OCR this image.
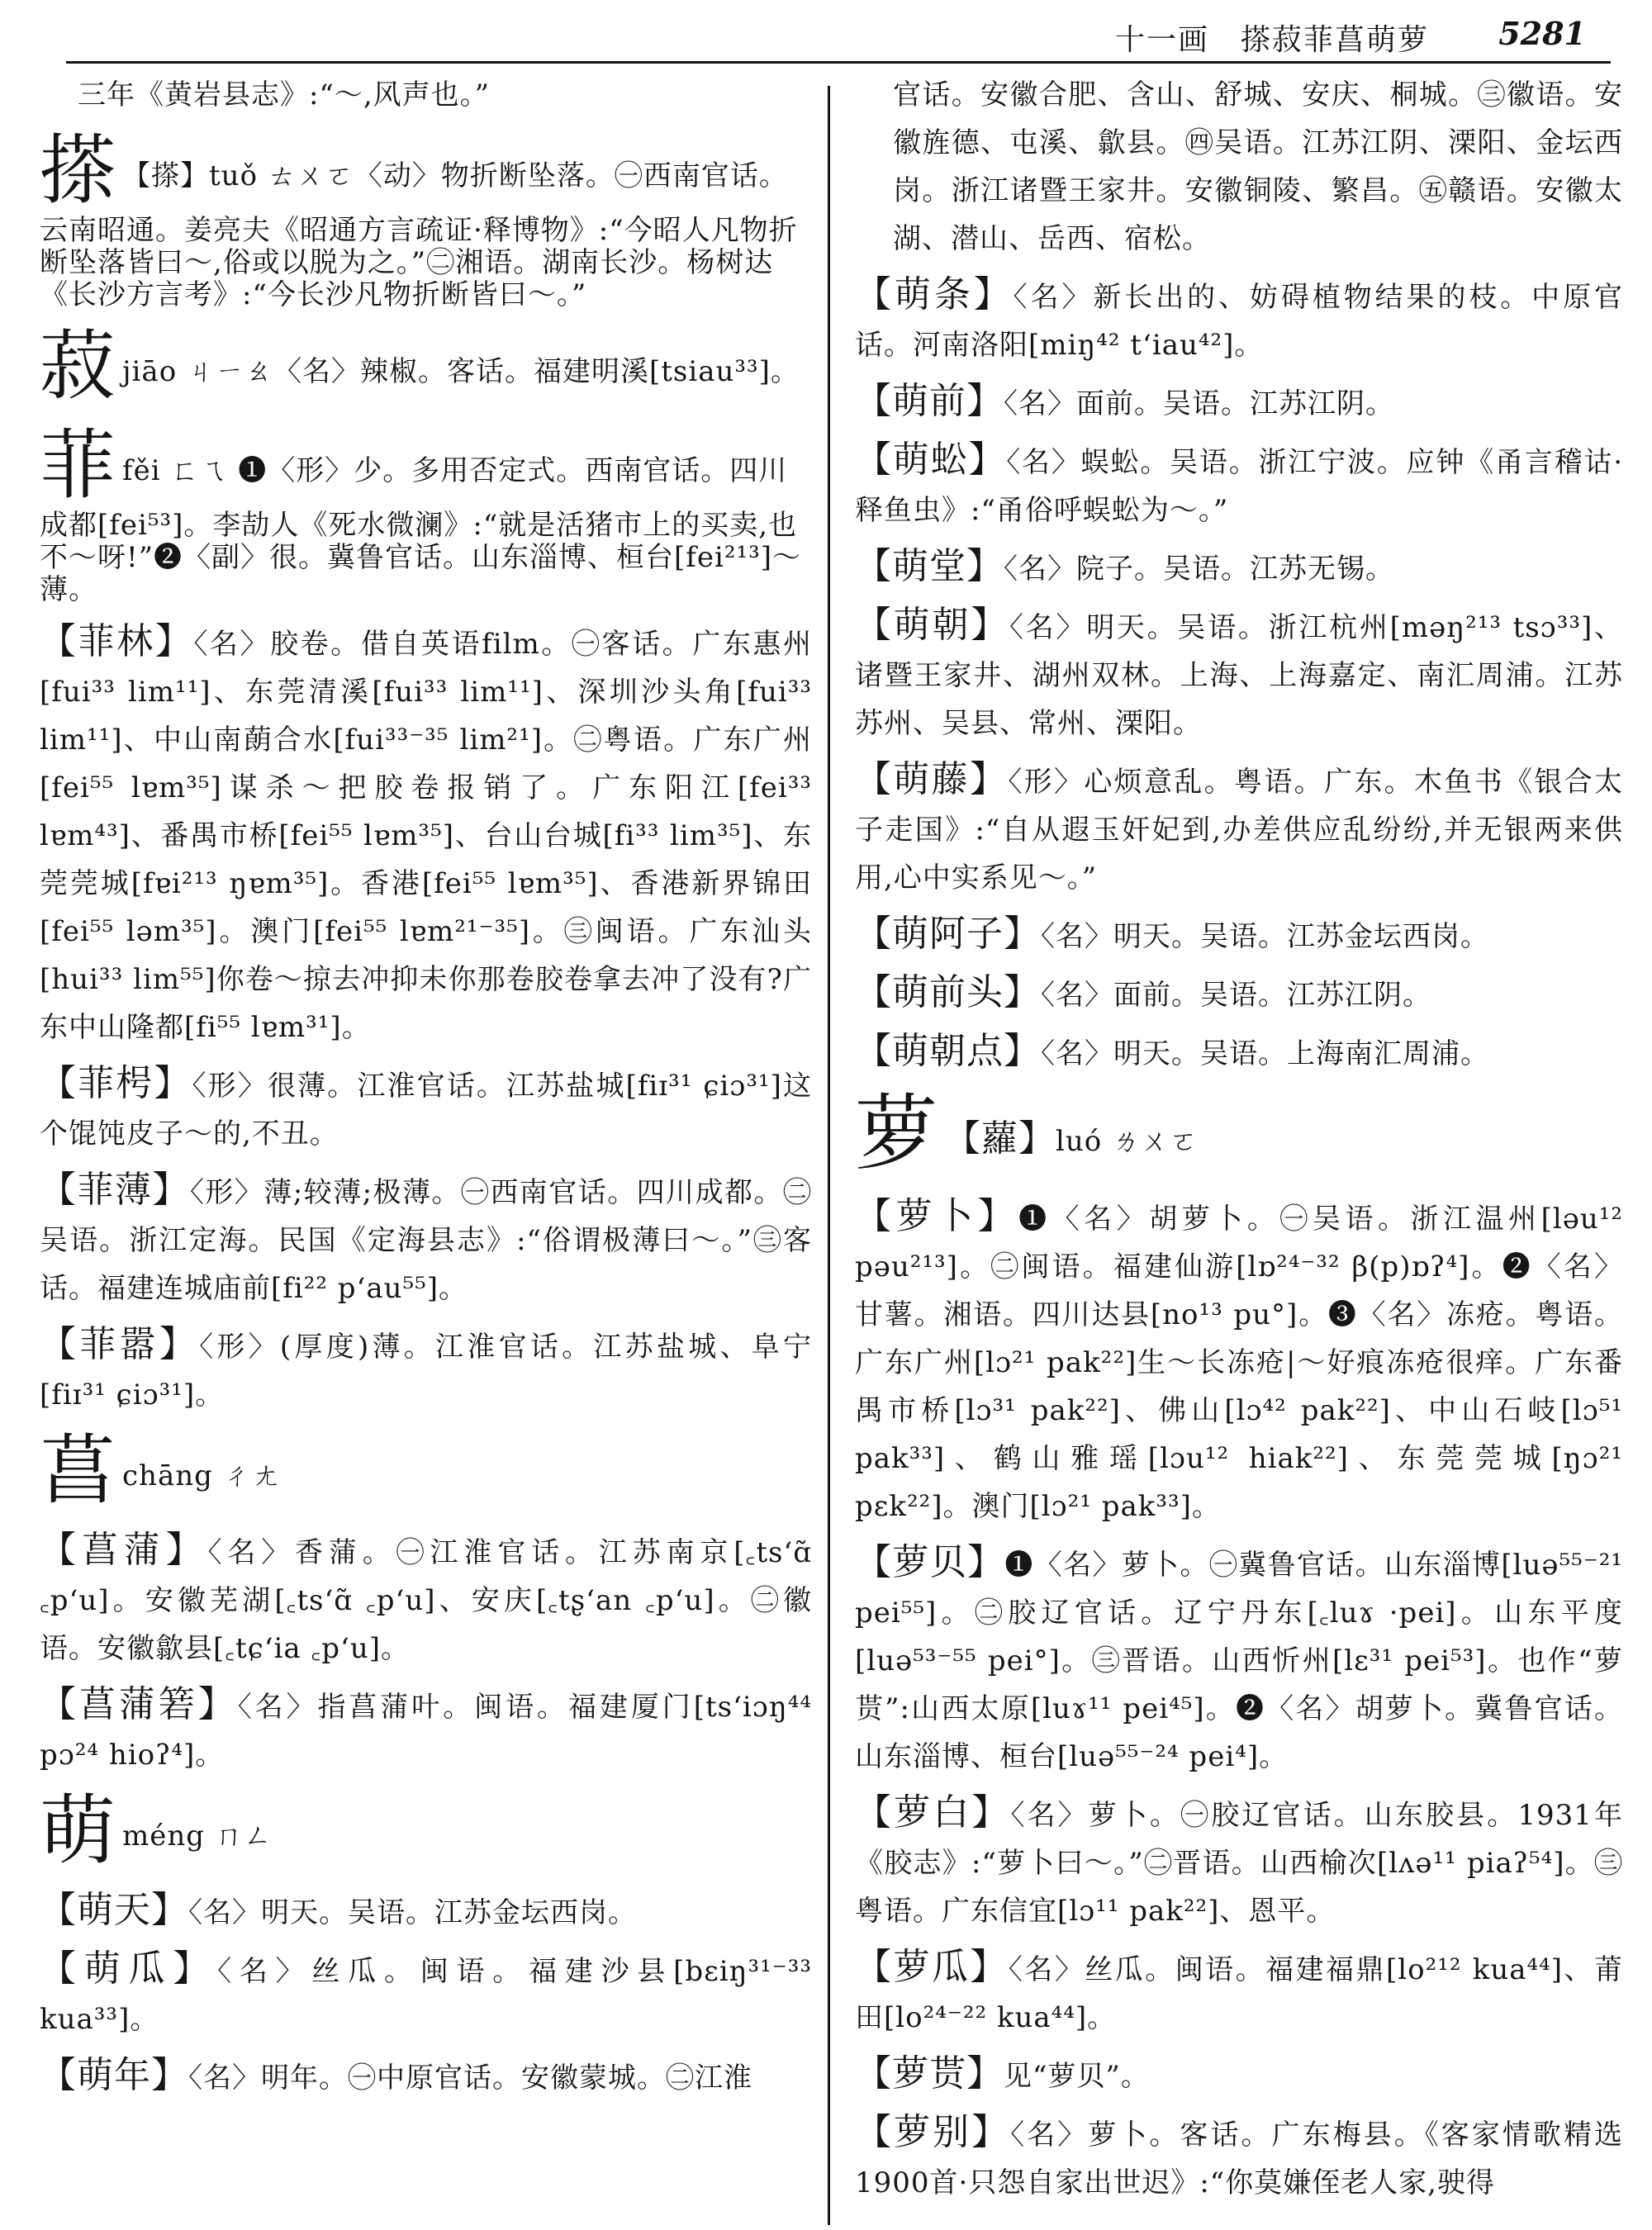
十一画　搽菽菲菖萌萝 5281
三年《黄岩县志》:“～,风声也。”
搽 【搽】tuǒ ㄊㄨㄛ〈动〉物折断坠落。㊀西南官话。云南昭通。姜亮夫《昭通方言疏证·释博物》:“今昭人凡物折断坠落皆曰～,俗或以脱为之。”㊁湘语。湖南长沙。杨树达《长沙方言考》:“今长沙凡物折断皆曰～。”
菽jiāo ㄐㄧㄠ〈名〉辣椒。客话。福建明溪[tsiau³³]。
菲fěi ㄈㄟ ❶〈形〉少。多用否定式。西南官话。四川成都[fei⁵³]。李劼人《死水微澜》:“就是活猪市上的买卖,也不～呀!”❷〈副〉很。冀鲁官话。山东淄博、桓台[fei²¹³]～薄。
【菲林】〈名〉胶卷。借自英语film。㊀客话。广东惠州[fui³³ lim¹¹]、东莞清溪[fui³³ lim¹¹]、深圳沙头角[fui³³ lim¹¹]、中山南蓢合水[fui³³⁻³⁵ lim²¹]。㊁粤语。广东广州[fei⁵⁵ lɐm³⁵]谋杀～把胶卷报销了。广东阳江[fei³³ lɐm⁴³]、番禺市桥[fei⁵⁵ lɐm³⁵]、台山台城[fi³³ lim³⁵]、东莞莞城[fɐi²¹³ ŋɐm³⁵]。香港[fei⁵⁵ lɐm³⁵]、香港新界锦田[fei⁵⁵ ləm³⁵]。澳门[fei⁵⁵ lɐm²¹⁻³⁵]。㊂闽语。广东汕头[hui³³ lim⁵⁵]你卷～掠去冲抑未你那卷胶卷拿去冲了没有?广东中山隆都[fi⁵⁵ lɐm³¹]。
【菲枵】〈形〉很薄。江淮官话。江苏盐城[fiɪ³¹ ɕiɔ³¹]这个馄饨皮子～的,不丑。
【菲薄】〈形〉薄;较薄;极薄。㊀西南官话。四川成都。㊁吴语。浙江定海。民国《定海县志》:“俗谓极薄曰～。”㊂客话。福建连城庙前[fi²² pʻau⁵⁵]。
【菲嚣】〈形〉(厚度)薄。江淮官话。江苏盐城、阜宁[fiɪ³¹ ɕiɔ³¹]。
菖chāng ㄔㄤ
【菖蒲】〈名〉香蒲。㊀江淮官话。江苏南京[꜀tsʻɑ̃ ꜀pʻu]。安徽芜湖[꜀tsʻɑ̃ ꜀pʻu]、安庆[꜀tʂʻan ꜀pʻu]。㊁徽语。安徽歙县[꜀tɕʻia ꜀pʻu]。
【菖蒲箬】〈名〉指菖蒲叶。闽语。福建厦门[tsʻiɔŋ⁴⁴ pɔ²⁴ hioʔ⁴]。
萌méng ㄇㄥ
【萌天】〈名〉明天。吴语。江苏金坛西岗。
【萌瓜】〈名〉丝瓜。闽语。福建沙县[bɛiŋ³¹⁻³³ kua³³]。
【萌年】〈名〉明年。㊀中原官话。安徽蒙城。㊁江淮
官话。安徽合肥、含山、舒城、安庆、桐城。㊂徽语。安徽旌德、屯溪、歙县。㊃吴语。江苏江阴、溧阳、金坛西岗。浙江诸暨王家井。安徽铜陵、繁昌。㊄赣语。安徽太湖、潜山、岳西、宿松。
【萌条】〈名〉新长出的、妨碍植物结果的枝。中原官话。河南洛阳[miŋ⁴² tʻiau⁴²]。
【萌前】〈名〉面前。吴语。江苏江阴。
【萌蚣】〈名〉蜈蚣。吴语。浙江宁波。应钟《甬言稽诂·释鱼虫》:“甬俗呼蜈蚣为～。”
【萌堂】〈名〉院子。吴语。江苏无锡。
【萌朝】〈名〉明天。吴语。浙江杭州[məŋ²¹³ tsɔ³³]、诸暨王家井、湖州双林。上海、上海嘉定、南汇周浦。江苏苏州、吴县、常州、溧阳。
【萌藤】〈形〉心烦意乱。粤语。广东。木鱼书《银合太子走国》:“自从遐玉奸妃到,办差供应乱纷纷,并无银两来供用,心中实系见～。”
【萌阿子】〈名〉明天。吴语。江苏金坛西岗。
【萌前头】〈名〉面前。吴语。江苏江阴。
【萌朝点】〈名〉明天。吴语。上海南汇周浦。
萝 【蘿】luó ㄌㄨㄛ
【萝卜】❶〈名〉胡萝卜。㊀吴语。浙江温州[ləu¹² pəu²¹³]。㊁闽语。福建仙游[lɒ²⁴⁻³² β(p)ɒʔ⁴]。❷〈名〉甘薯。湘语。四川达县[no¹³ pu°]。❸〈名〉冻疮。粤语。广东广州[lɔ²¹ pak²²]生～长冻疮|～好痕冻疮很痒。广东番禺市桥[lɔ³¹ pak²²]、佛山[lɔ⁴² pak²²]、中山石岐[lɔ⁵¹ pak³³]、鹤山雅瑶[lɔu¹² hiak²²]、东莞莞城[ŋɔ²¹ pɛk²²]。澳门[lɔ²¹ pak³³]。
【萝贝】❶〈名〉萝卜。㊀冀鲁官话。山东淄博[luə⁵⁵⁻²¹ pei⁵⁵]。㊁胶辽官话。辽宁丹东[꜀luɤ ·pei]。山东平度[luə⁵³⁻⁵⁵ pei°]。㊂晋语。山西忻州[lɛ³¹ pei⁵³]。也作“萝贳”:山西太原[luɤ¹¹ pei⁴⁵]。❷〈名〉胡萝卜。冀鲁官话。山东淄博、桓台[luə⁵⁵⁻²⁴ pei⁴]。
【萝白】〈名〉萝卜。㊀胶辽官话。山东胶县。1931年《胶志》:“萝卜曰～。”㊁晋语。山西榆次[lʌə¹¹ piaʔ⁵⁴]。㊂粤语。广东信宜[lɔ¹¹ pak²²]、恩平。
【萝瓜】〈名〉丝瓜。闽语。福建福鼎[lo²¹² kua⁴⁴]、莆田[lo²⁴⁻²² kua⁴⁴]。
【萝贳】见“萝贝”。
【萝别】〈名〉萝卜。客话。广东梅县。《客家情歌精选1900首·只怨自家出世迟》:“你莫嫌侄老人家,驶得
